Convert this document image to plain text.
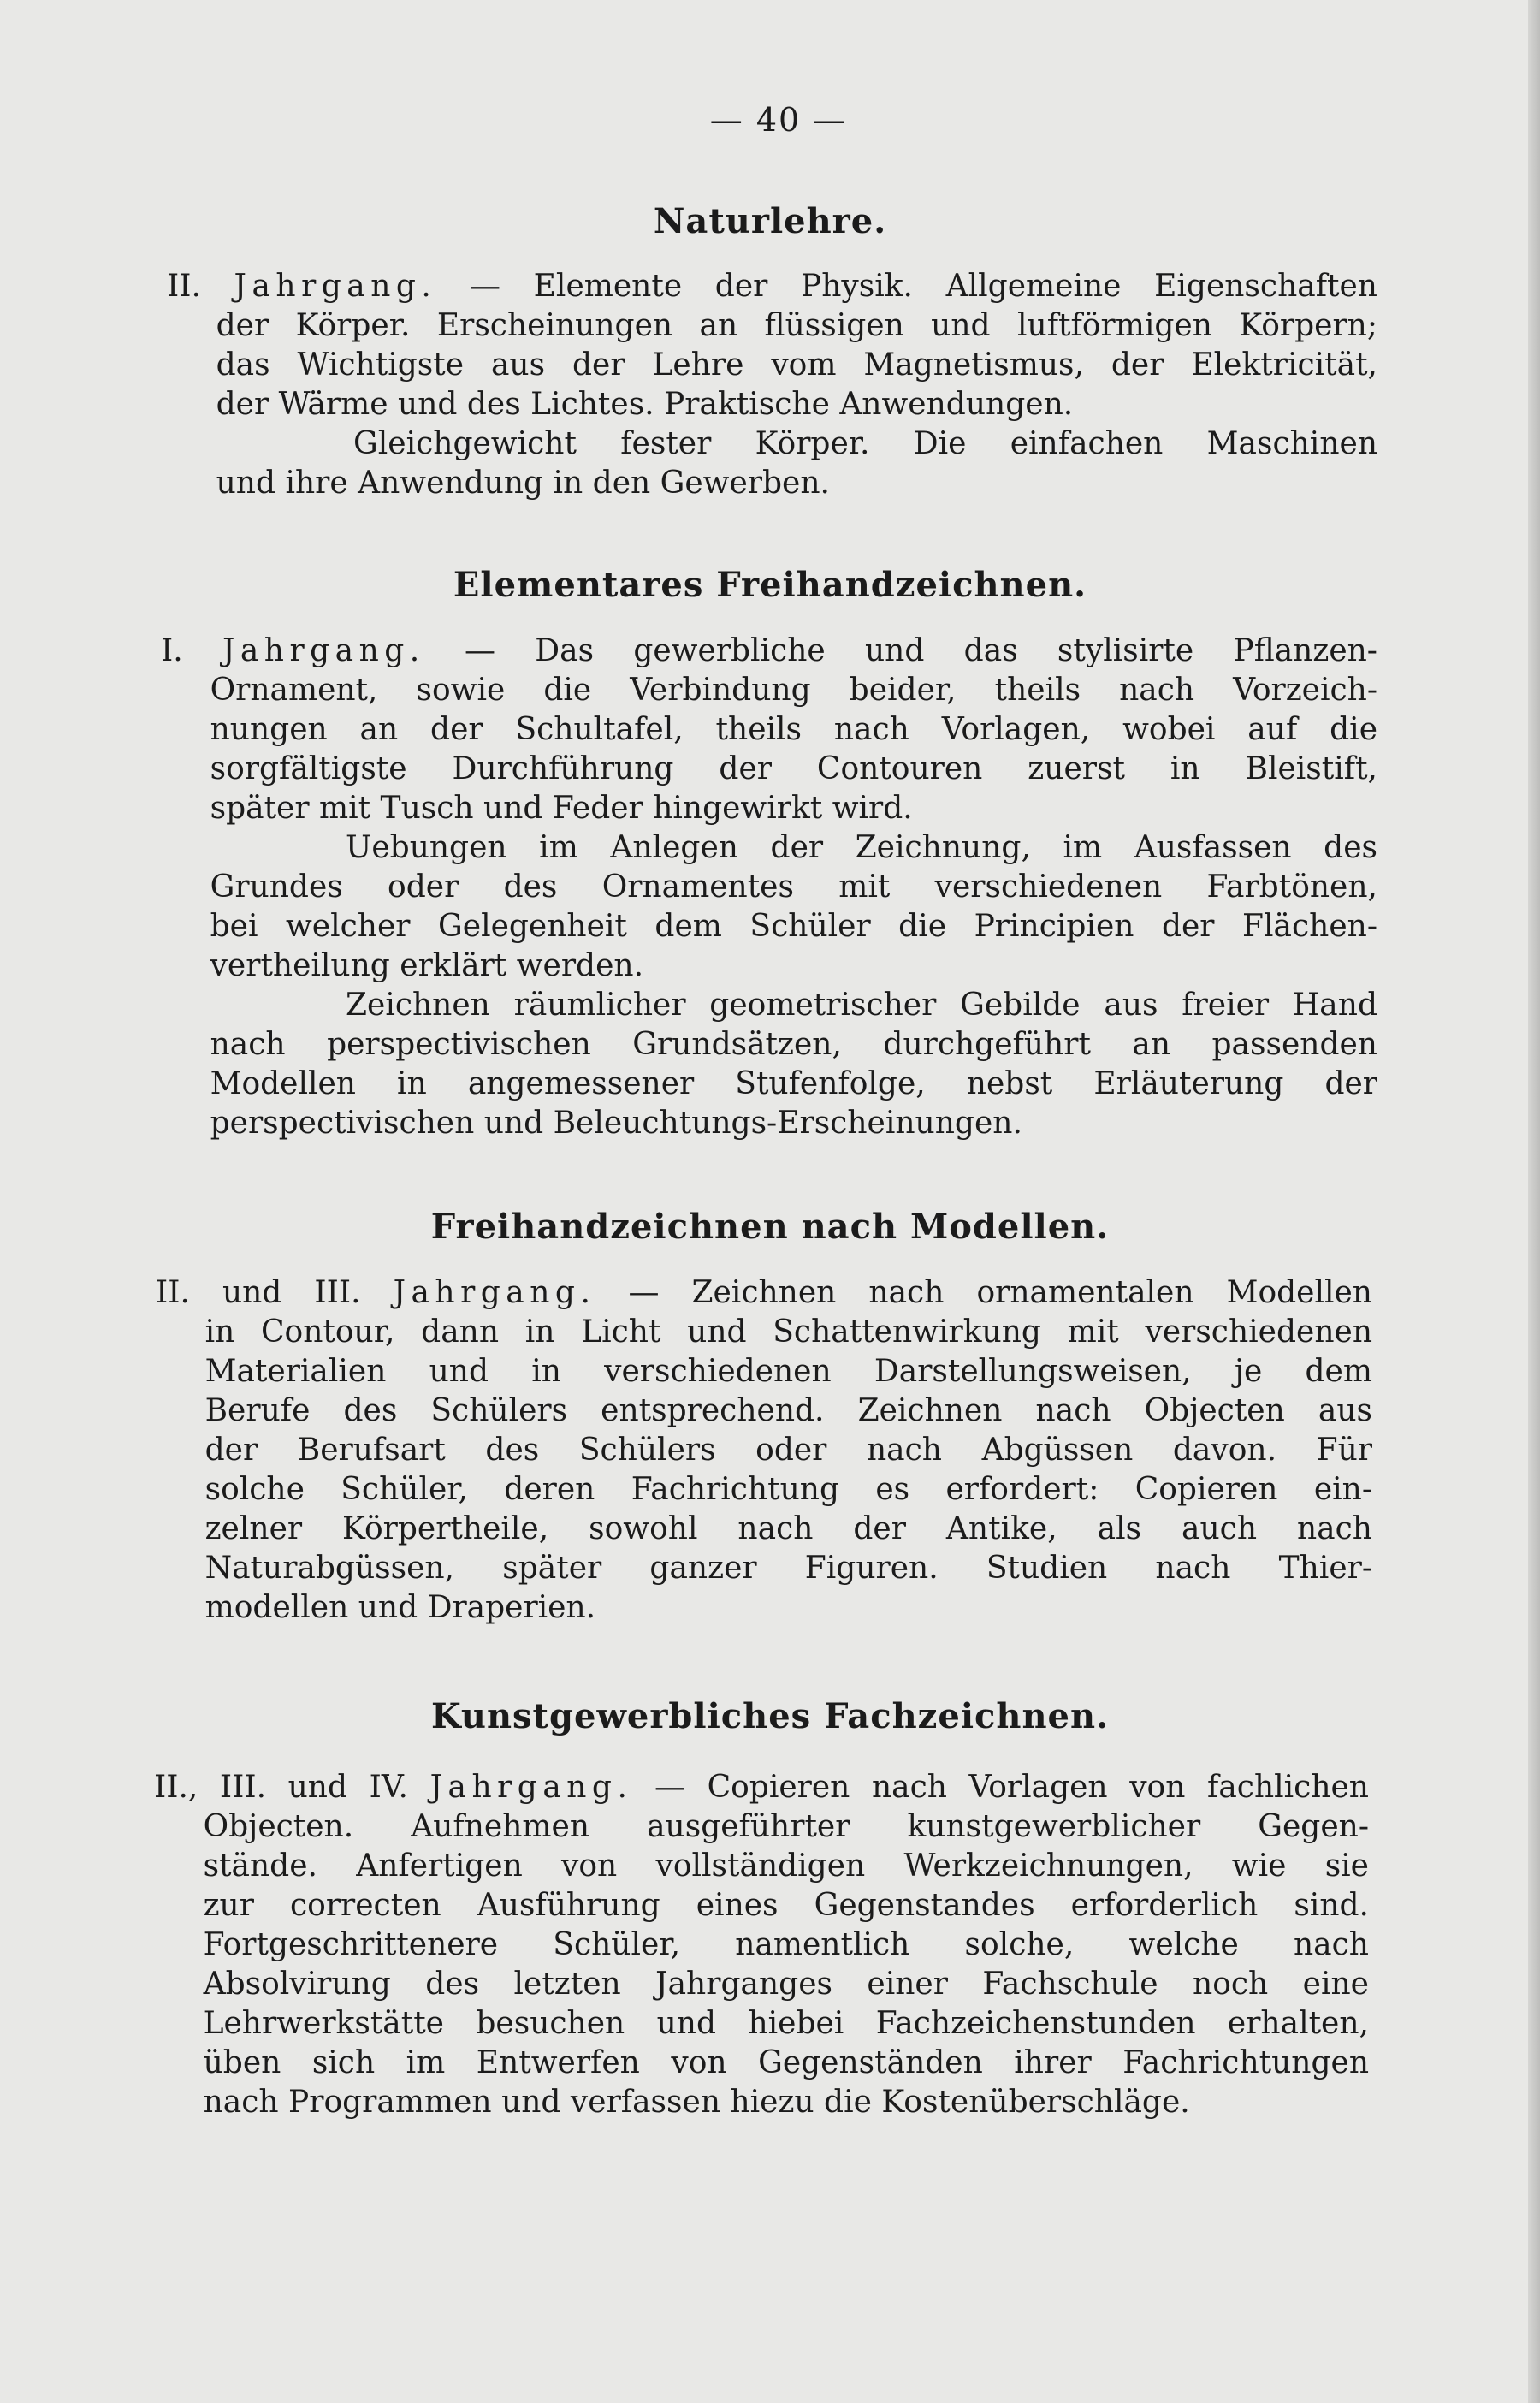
— 40 —
Naturlehre.
II. Jahrgang. — Elemente der Physik. Allgemeine Eigenschaften
der Körper. Erscheinungen an flüssigen und luftförmigen Körpern;
das Wichtigste aus der Lehre vom Magnetismus, der Elektricität,
der Wärme und des Lichtes. Praktische Anwendungen.
Gleichgewicht fester Körper. Die einfachen Maschinen
und ihre Anwendung in den Gewerben.
Elementares Freihandzeichnen.
I. Jahrgang. — Das gewerbliche und das stylisirte Pflanzen-
Ornament, sowie die Verbindung beider, theils nach Vorzeich-
nungen an der Schultafel, theils nach Vorlagen, wobei auf die
sorgfältigste Durchführung der Contouren zuerst in Bleistift,
später mit Tusch und Feder hingewirkt wird.
Uebungen im Anlegen der Zeichnung, im Ausfassen des
Grundes oder des Ornamentes mit verschiedenen Farbtönen,
bei welcher Gelegenheit dem Schüler die Principien der Flächen-
vertheilung erklärt werden.
Zeichnen räumlicher geometrischer Gebilde aus freier Hand
nach perspectivischen Grundsätzen, durchgeführt an passenden
Modellen in angemessener Stufenfolge, nebst Erläuterung der
perspectivischen und Beleuchtungs-Erscheinungen.
Freihandzeichnen nach Modellen.
II. und III. Jahrgang. — Zeichnen nach ornamentalen Modellen
in Contour, dann in Licht und Schattenwirkung mit verschiedenen
Materialien und in verschiedenen Darstellungsweisen, je dem
Berufe des Schülers entsprechend. Zeichnen nach Objecten aus
der Berufsart des Schülers oder nach Abgüssen davon. Für
solche Schüler, deren Fachrichtung es erfordert: Copieren ein-
zelner Körpertheile, sowohl nach der Antike, als auch nach
Naturabgüssen, später ganzer Figuren. Studien nach Thier-
modellen und Draperien.
Kunstgewerbliches Fachzeichnen.
II., III. und IV. Jahrgang. — Copieren nach Vorlagen von fachlichen
Objecten. Aufnehmen ausgeführter kunstgewerblicher Gegen-
stände. Anfertigen von vollständigen Werkzeichnungen, wie sie
zur correcten Ausführung eines Gegenstandes erforderlich sind.
Fortgeschrittenere Schüler, namentlich solche, welche nach
Absolvirung des letzten Jahrganges einer Fachschule noch eine
Lehrwerkstätte besuchen und hiebei Fachzeichenstunden erhalten,
üben sich im Entwerfen von Gegenständen ihrer Fachrichtungen
nach Programmen und verfassen hiezu die Kostenüberschläge.
